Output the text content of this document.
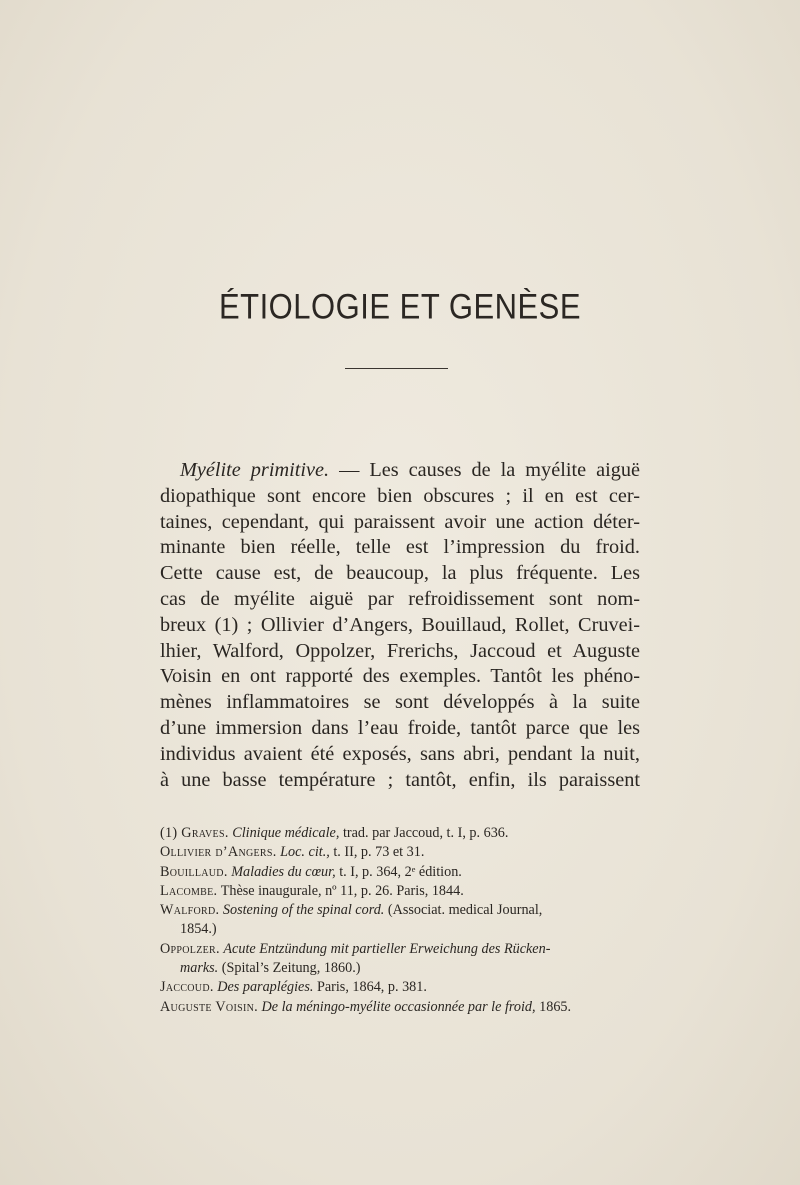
ÉTIOLOGIE ET GENÈSE
Myélite primitive. — Les causes de la myélite aiguë
diopathique sont encore bien obscures ; il en est cer-
taines, cependant, qui paraissent avoir une action déter-
minante bien réelle, telle est l’impression du froid.
Cette cause est, de beaucoup, la plus fréquente. Les
cas de myélite aiguë par refroidissement sont nom-
breux (1) ; Ollivier d’Angers, Bouillaud, Rollet, Cruvei-
lhier, Walford, Oppolzer, Frerichs, Jaccoud et Auguste
Voisin en ont rapporté des exemples. Tantôt les phéno-
mènes inflammatoires se sont développés à la suite
d’une immersion dans l’eau froide, tantôt parce que les
individus avaient été exposés, sans abri, pendant la nuit,
à une basse température ; tantôt, enfin, ils paraissent
(1) Graves. Clinique médicale, trad. par Jaccoud, t. I, p. 636.
Ollivier d’Angers. Loc. cit., t. II, p. 73 et 31.
Bouillaud. Maladies du cœur, t. I, p. 364, 2ᵉ édition.
Lacombe. Thèse inaugurale, nº 11, p. 26. Paris, 1844.
Walford. Sostening of the spinal cord. (Associat. medical Journal,
1854.)
Oppolzer. Acute Entzündung mit partieller Erweichung des Rücken-
marks. (Spital’s Zeitung, 1860.)
Jaccoud. Des paraplégies. Paris, 1864, p. 381.
Auguste Voisin. De la méningo-myélite occasionnée par le froid, 1865.
